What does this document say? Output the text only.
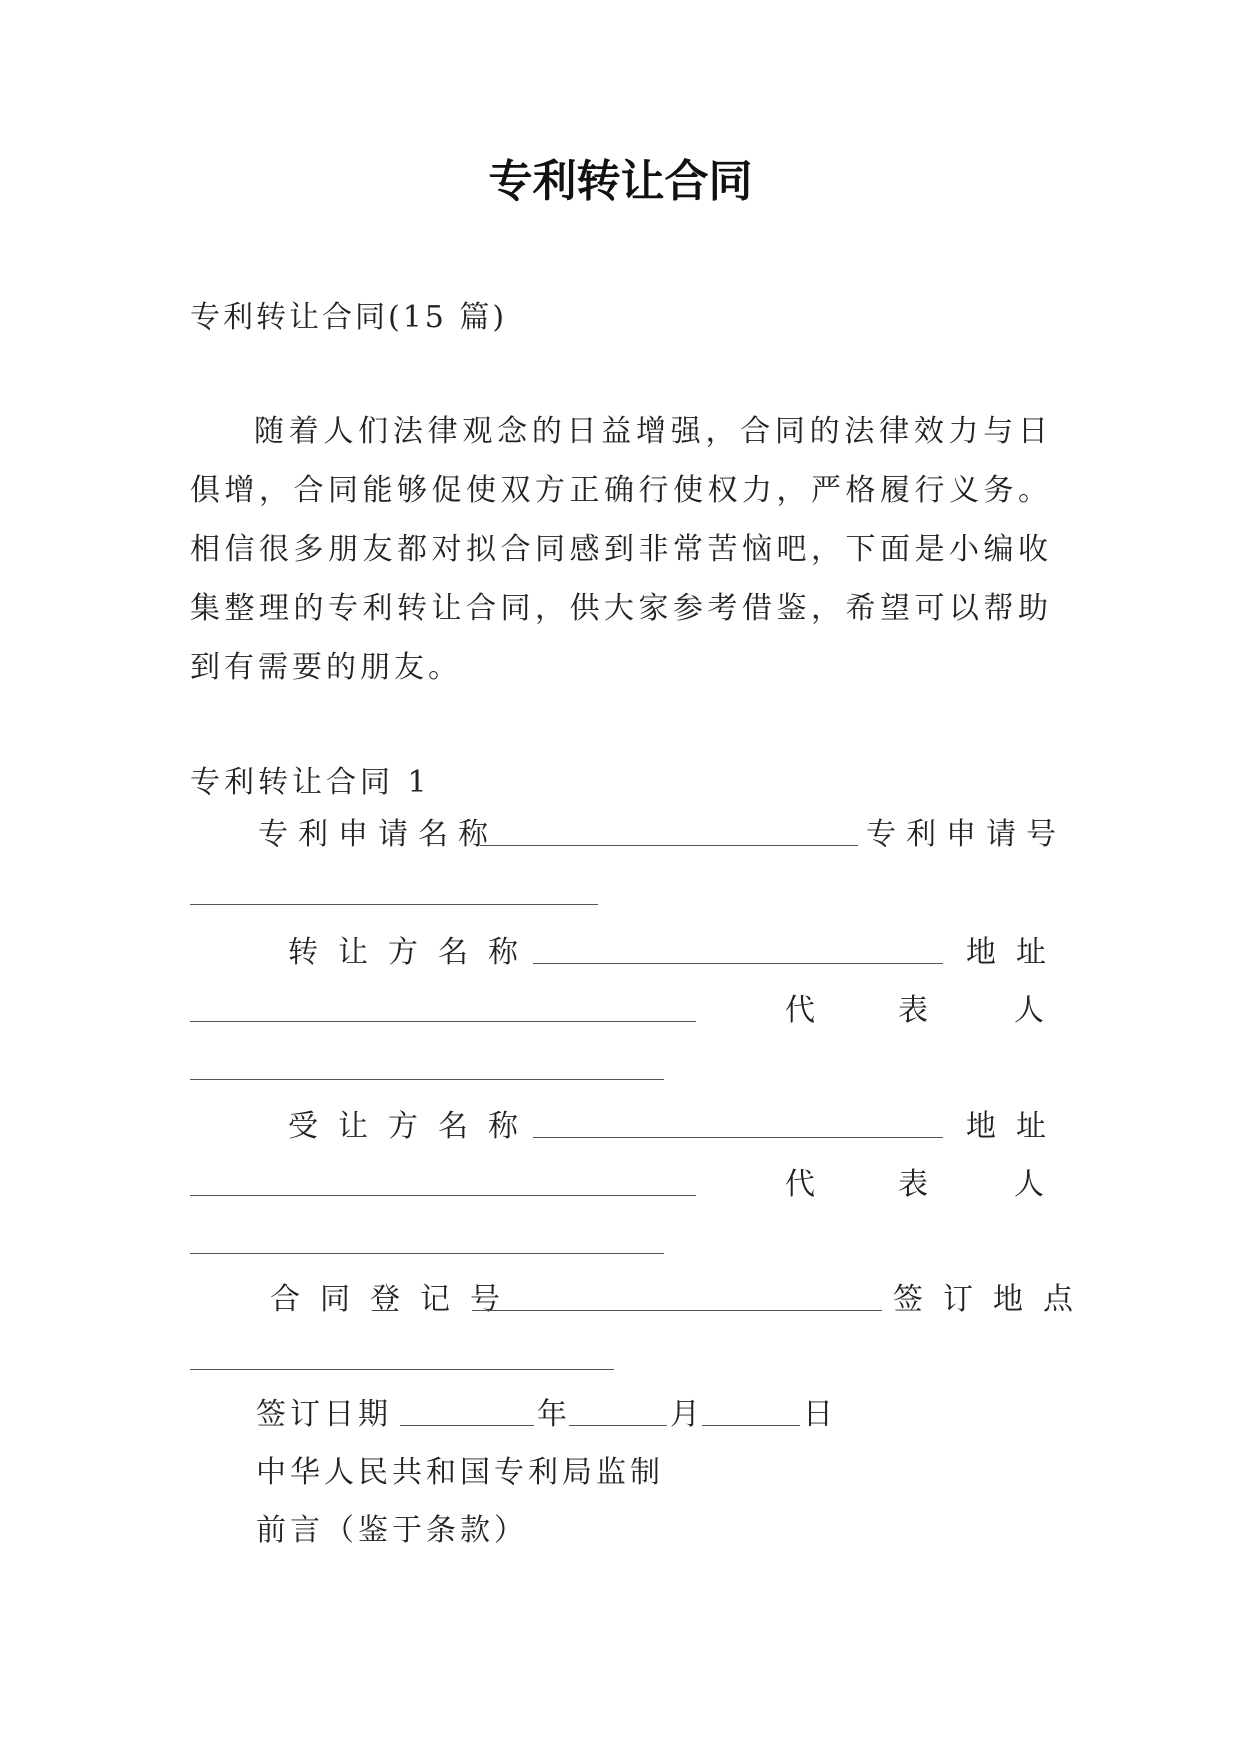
专利转让合同
专利转让合同(15 篇)

随着人们法律观念的日益增强，合同的法律效力与日俱增，合同能够促使双方正确行使权力，严格履行义务。相信很多朋友都对拟合同感到非常苦恼吧，下面是小编收集整理的专利转让合同，供大家参考借鉴，希望可以帮助到有需要的朋友。

专利转让合同 1
专利申请名称	专利申请号
转让方名称	地址
代	表	人
受让方名称	地址
代	表	人
合同登记号	签订地点
签订日期	年	月	日
中华人民共和国专利局监制
前言（鉴于条款）
